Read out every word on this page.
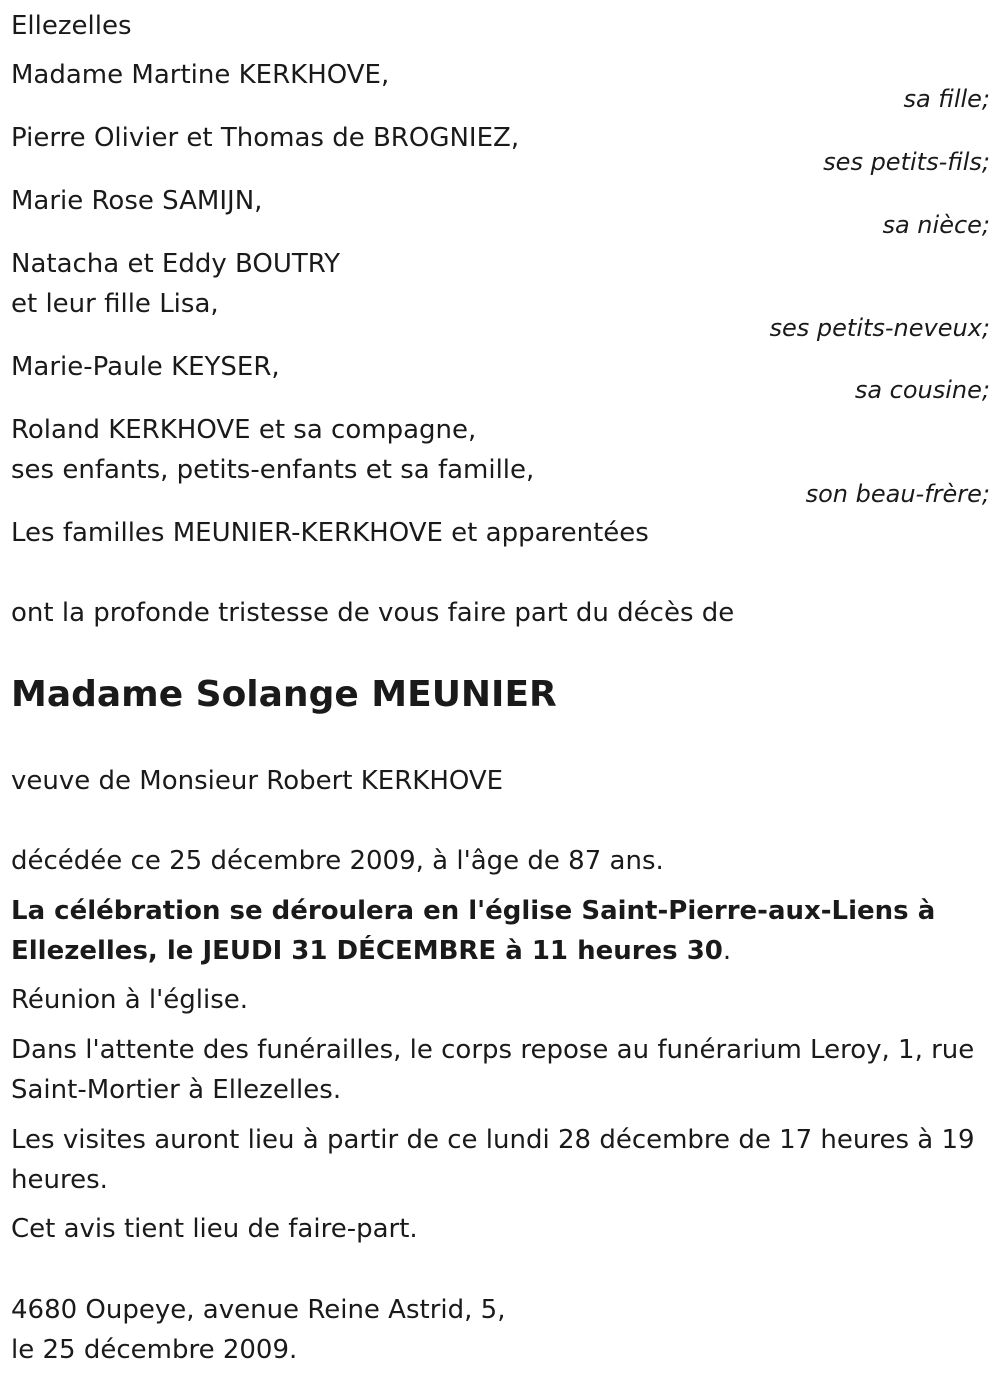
Ellezelles
Madame Martine KERKHOVE,
sa fille;
Pierre Olivier et Thomas de BROGNIEZ,
ses petits-fils;
Marie Rose SAMIJN,
sa nièce;
Natacha et Eddy BOUTRY
et leur fille Lisa,
ses petits-neveux;
Marie-Paule KEYSER,
sa cousine;
Roland KERKHOVE et sa compagne,
ses enfants, petits-enfants et sa famille,
son beau-frère;
Les familles MEUNIER-KERKHOVE et apparentées
ont la profonde tristesse de vous faire part du décès de
Madame Solange MEUNIER
veuve de Monsieur Robert KERKHOVE
décédée ce 25 décembre 2009, à l'âge de 87 ans.
La célébration se déroulera en l'église Saint-Pierre-aux-Liens à
Ellezelles, le JEUDI 31 DÉCEMBRE à 11 heures 30.
Réunion à l'église.
Dans l'attente des funérailles, le corps repose au funérarium Leroy, 1, rue
Saint-Mortier à Ellezelles.
Les visites auront lieu à partir de ce lundi 28 décembre de 17 heures à 19
heures.
Cet avis tient lieu de faire-part.
4680 Oupeye, avenue Reine Astrid, 5,
le 25 décembre 2009.
